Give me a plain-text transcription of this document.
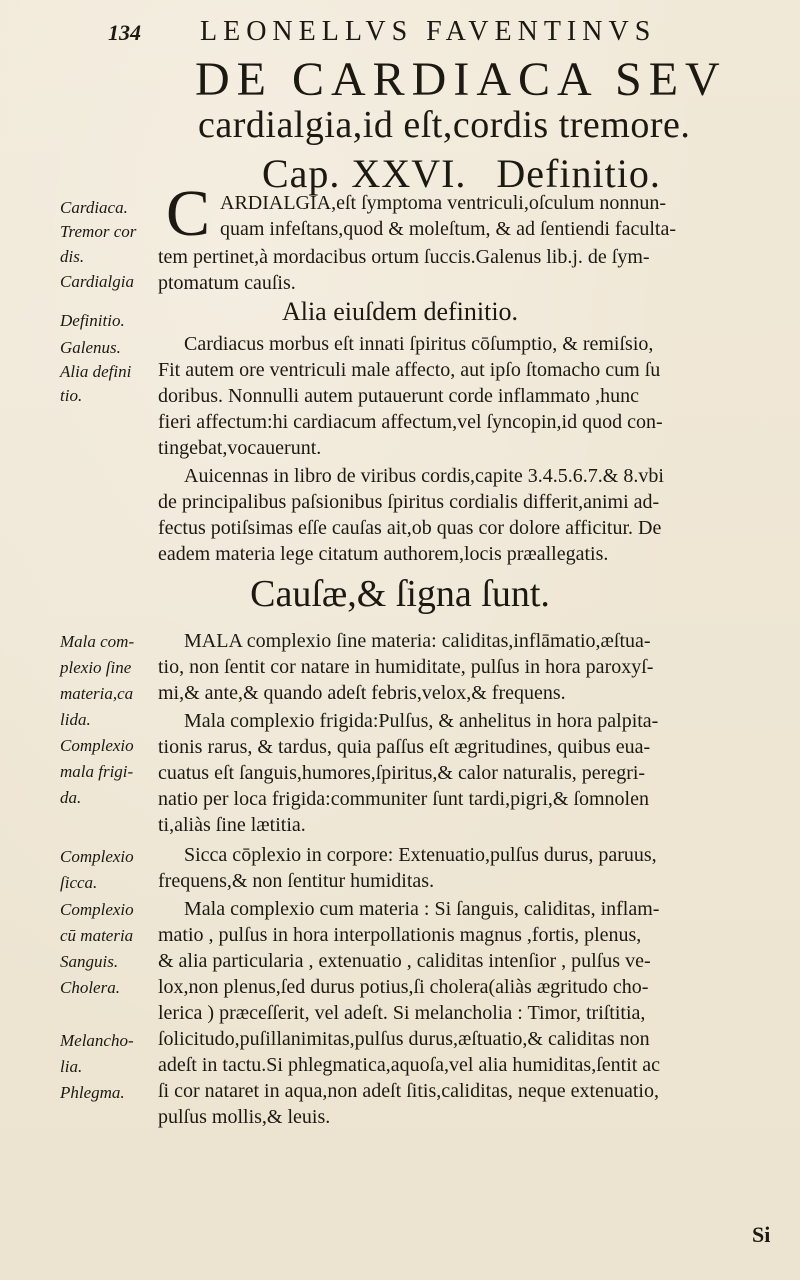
134 LEONELLVS FAVENTINVS
DE CARDIACA SEV
cardialgia,id eſt,cordis tremore.
Cap. XXVI. Definitio.
C ARDIALGIA,eſt ſymptoma ventriculi,oſculum nonnun-
quam infeſtans,quod & moleſtum, & ad ſentiendi faculta-
tem pertinet,à mordacibus ortum ſuccis.Galenus lib.j. de ſym-
ptomatum cauſis.
Alia eiuſdem definitio.
Cardiacus morbus eſt innati ſpiritus cōſumptio, & remiſsio,
Fit autem ore ventriculi male affecto, aut ipſo ſtomacho cum ſu
doribus. Nonnulli autem putauerunt corde inflammato ,hunc
fieri affectum:hi cardiacum affectum,vel ſyncopin,id quod con-
tingebat,vocauerunt.
Auicennas in libro de viribus cordis,capite 3.4.5.6.7.& 8.vbi
de principalibus paſsionibus ſpiritus cordialis differit,animi ad-
fectus potiſsimas eſſe cauſas ait,ob quas cor dolore afficitur. De
eadem materia lege citatum authorem,locis præallegatis.
Cauſæ,& ſigna ſunt.
MALA complexio ſine materia: caliditas,inflāmatio,æſtua-
tio, non ſentit cor natare in humiditate, pulſus in hora paroxyſ-
mi,& ante,& quando adeſt febris,velox,& frequens.
Mala complexio frigida:Pulſus, & anhelitus in hora palpita-
tionis rarus, & tardus, quia paſſus eſt ægritudines, quibus eua-
cuatus eſt ſanguis,humores,ſpiritus,& calor naturalis, peregri-
natio per loca frigida:communiter ſunt tardi,pigri,& ſomnolen
ti,aliàs ſine lætitia.
Sicca cōplexio in corpore: Extenuatio,pulſus durus, paruus,
frequens,& non ſentitur humiditas.
Mala complexio cum materia : Si ſanguis, caliditas, inflam-
matio , pulſus in hora interpollationis magnus ,fortis, plenus,
& alia particularia , extenuatio , caliditas intenſior , pulſus ve-
lox,non plenus,ſed durus potius,ſi cholera(aliàs ægritudo cho-
lerica ) præceſſerit, vel adeſt. Si melancholia : Timor, triſtitia,
ſolicitudo,puſillanimitas,pulſus durus,æſtuatio,& caliditas non
adeſt in tactu.Si phlegmatica,aquoſa,vel alia humiditas,ſentit ac
ſi cor nataret in aqua,non adeſt ſitis,caliditas, neque extenuatio,
pulſus mollis,& leuis.
Cardiaca.
Tremor cor
dis.
Cardialgia
Definitio.
Galenus.
Alia defini
tio.
Mala com-
plexio ſine
materia,ca
lida.
Complexio
mala frigi-
da.
Complexio
ſicca.
Complexio
cū materia
Sanguis.
Cholera.
Melancho-
lia.
Phlegma.
Si
